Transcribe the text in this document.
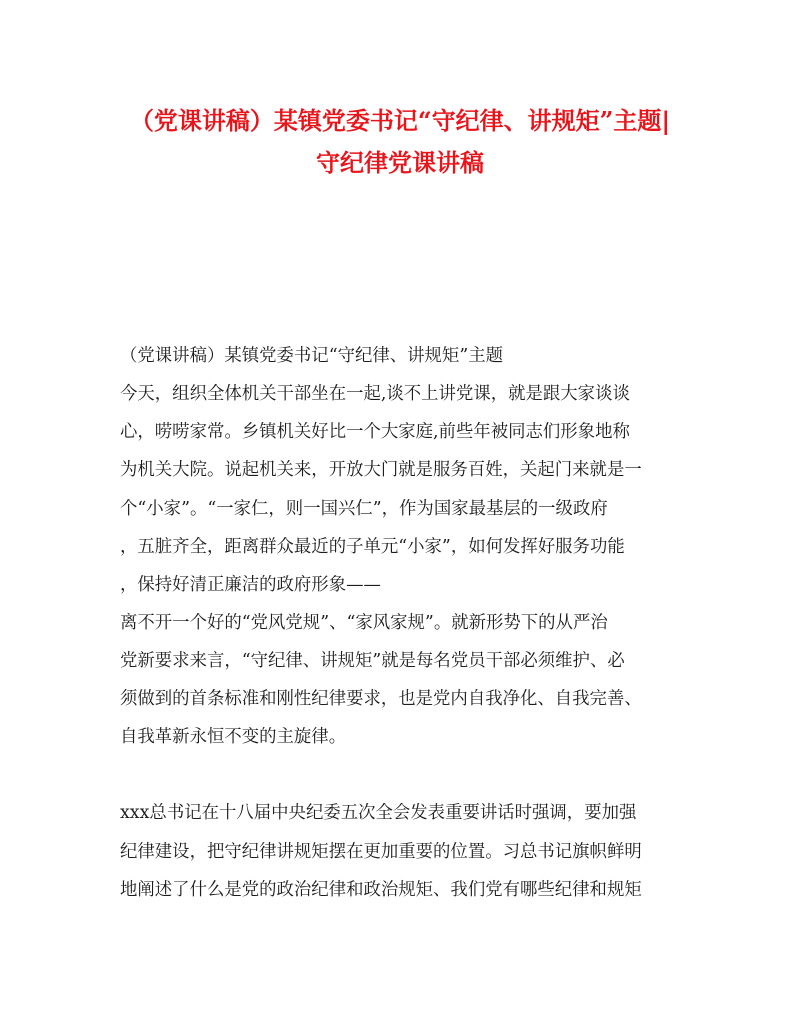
（党课讲稿）某镇党委书记“守纪律、讲规矩”主题|
守纪律党课讲稿
（党课讲稿）某镇党委书记“守纪律、讲规矩”主题
今天，组织全体机关干部坐在一起,谈不上讲党课，就是跟大家谈谈
心，唠唠家常。乡镇机关好比一个大家庭,前些年被同志们形象地称
为机关大院。说起机关来，开放大门就是服务百姓，关起门来就是一
个“小家”。“一家仁，则一国兴仁”，作为国家最基层的一级政府
，五脏齐全，距离群众最近的子单元“小家”，如何发挥好服务功能
，保持好清正廉洁的政府形象——
离不开一个好的“党风党规”、“家风家规”。就新形势下的从严治
党新要求来言，“守纪律、讲规矩”就是每名党员干部必须维护、必
须做到的首条标准和刚性纪律要求，也是党内自我净化、自我完善、
自我革新永恒不变的主旋律。
xxx总书记在十八届中央纪委五次全会发表重要讲话时强调，要加强
纪律建设，把守纪律讲规矩摆在更加重要的位置。习总书记旗帜鲜明
地阐述了什么是党的政治纪律和政治规矩、我们党有哪些纪律和规矩
